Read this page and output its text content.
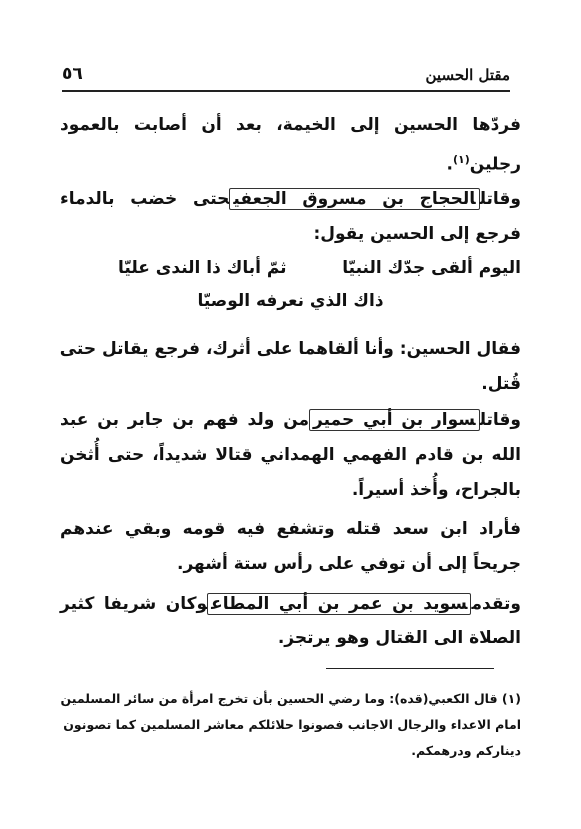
مقتل الحسين
٥٦
فردّها الحسين إلى الخيمة، بعد أن أصابت بالعمود
رجلين$^{(١)}$.
وقاتلالحجاج بن مسروق الجعفيحتى خضب بالدماء
فرجع إلى الحسين يقول:
اليوم ألقى جدّك النبيّا
ثمّ أباك ذا الندى عليّا
ذاك الذي نعرفه الوصيّا
فقال الحسين: وأنا ألقاهما على أثرك، فرجع يقاتل حتى
قُتل.
وقاتلسوار بن أبي حميرمن ولد فهم بن جابر بن عبد
الله بن قادم الفهمي الهمداني قتالا شديداً، حتى أُثخن
بالجراح، وأُخذ أسيراً.
فأراد ابن سعد قتله وتشفع فيه قومه وبقي عندهم
جريحاً إلى أن توفي على رأس ستة أشهر.
وتقدمسويد بن عمر بن أبي المطاعوكان شريفا كثير
الصلاة الى القتال وهو يرتجز.
(١) قال الكعبي(قده): وما رضي الحسين بأن تخرج امرأة من سائر المسلمين
امام الاعداء والرجال الاجانب فصونوا حلائلكم معاشر المسلمين كما تصونون
دينارکم ودرهمكم.
